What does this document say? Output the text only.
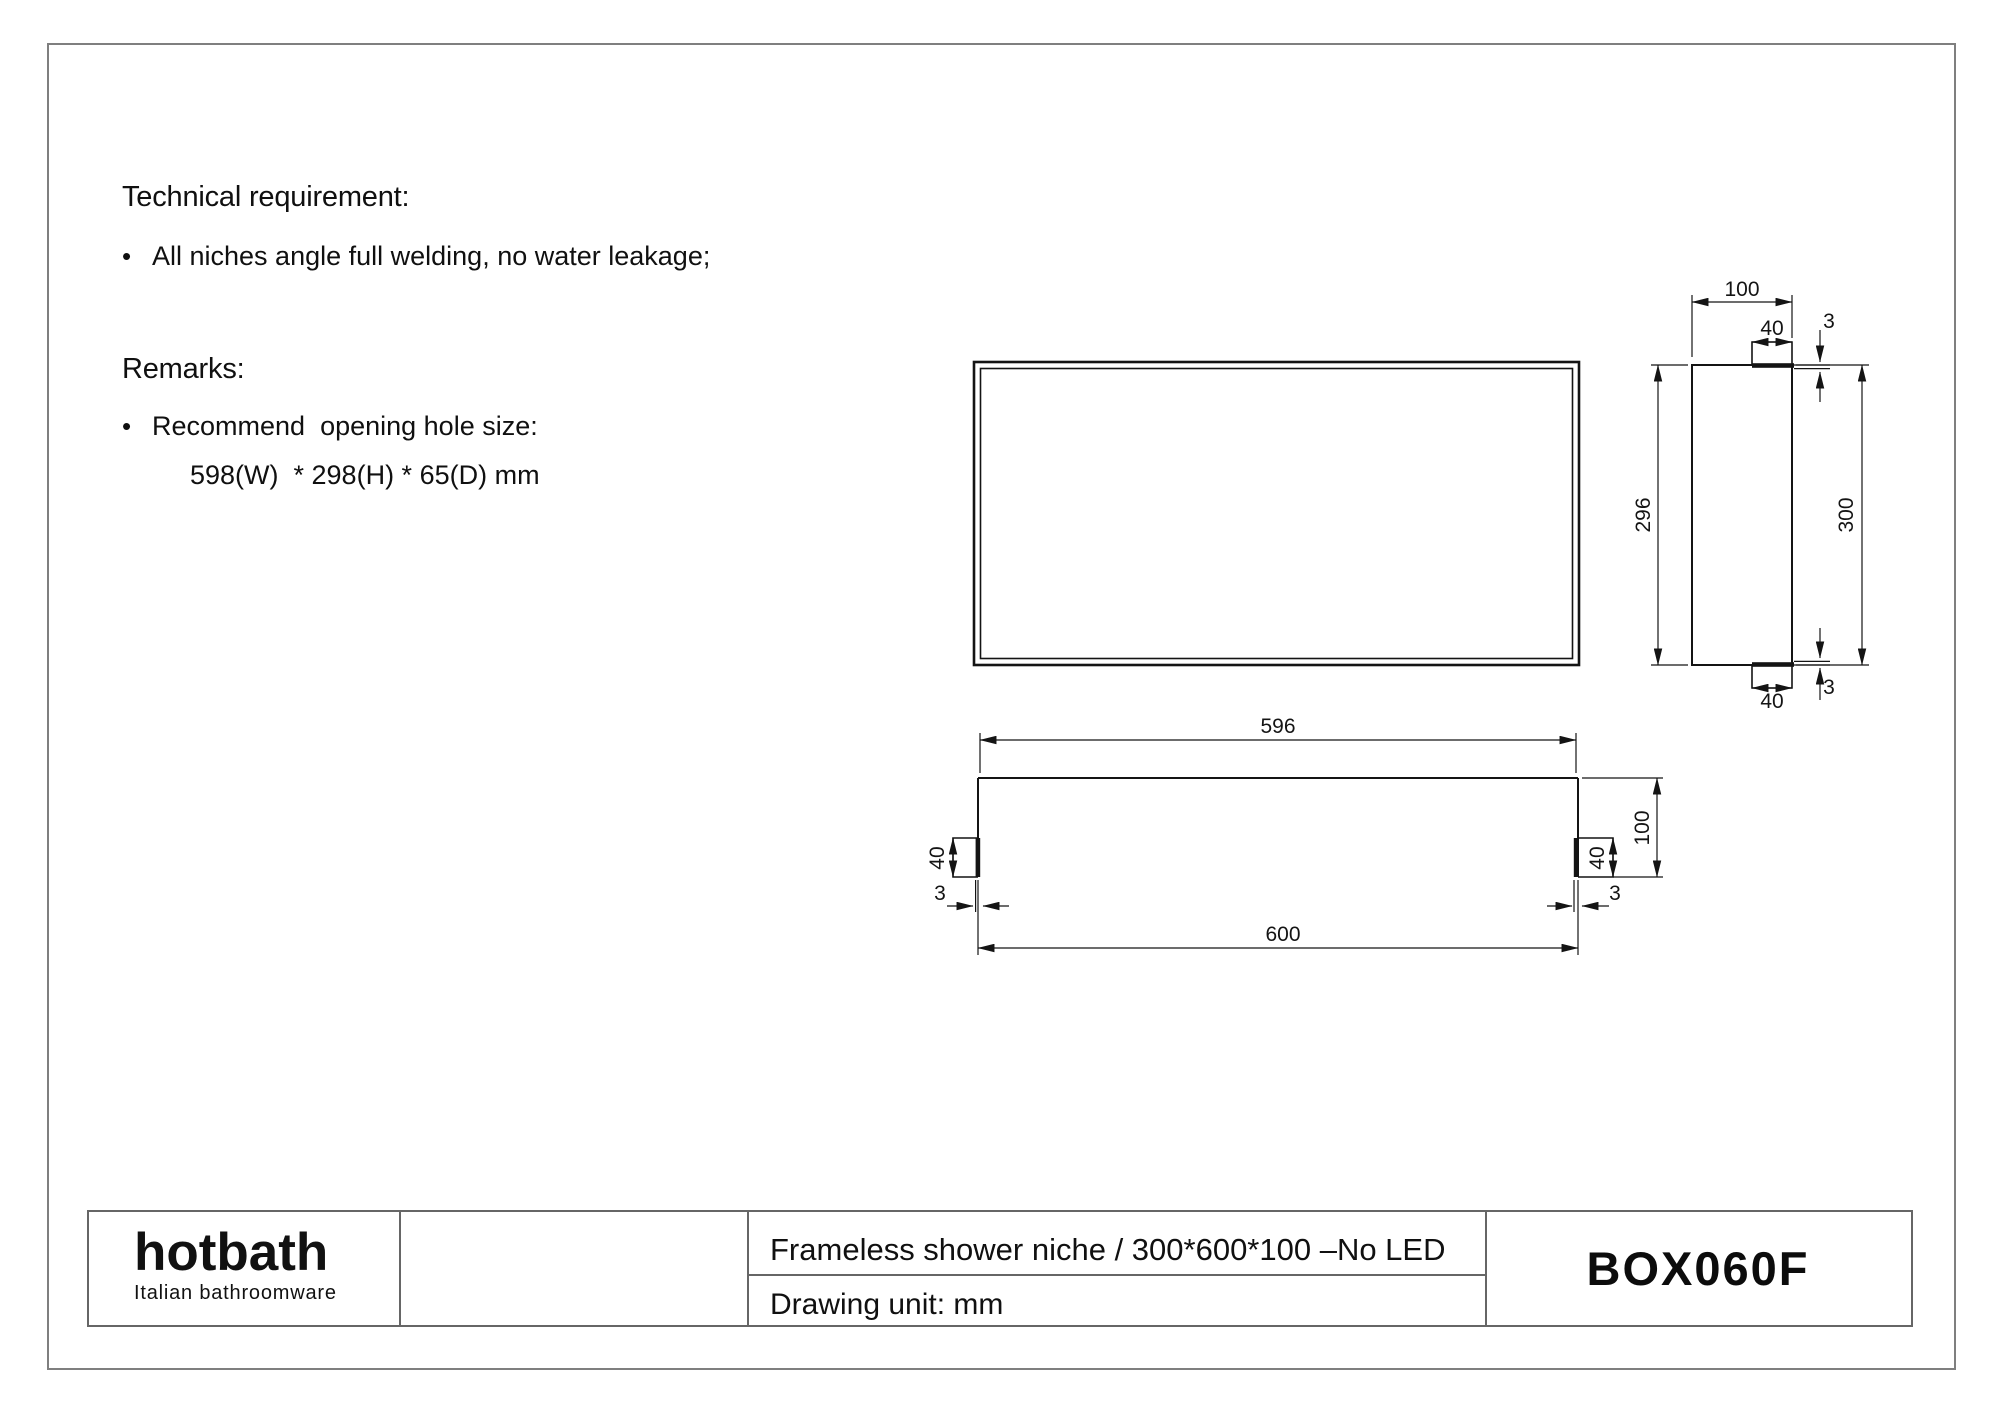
Technical requirement:
• All niches angle full welding, no water leakage;
Remarks:
• Recommend  opening hole size:
598(W)  * 298(H) * 65(D) mm
100
40 3
296	300
40
3
596
600
100
40	40
3	3
hotbath
Italian bathroomware
Frameless shower niche / 300*600*100 –No LED
Drawing unit: mm
BOX060F
